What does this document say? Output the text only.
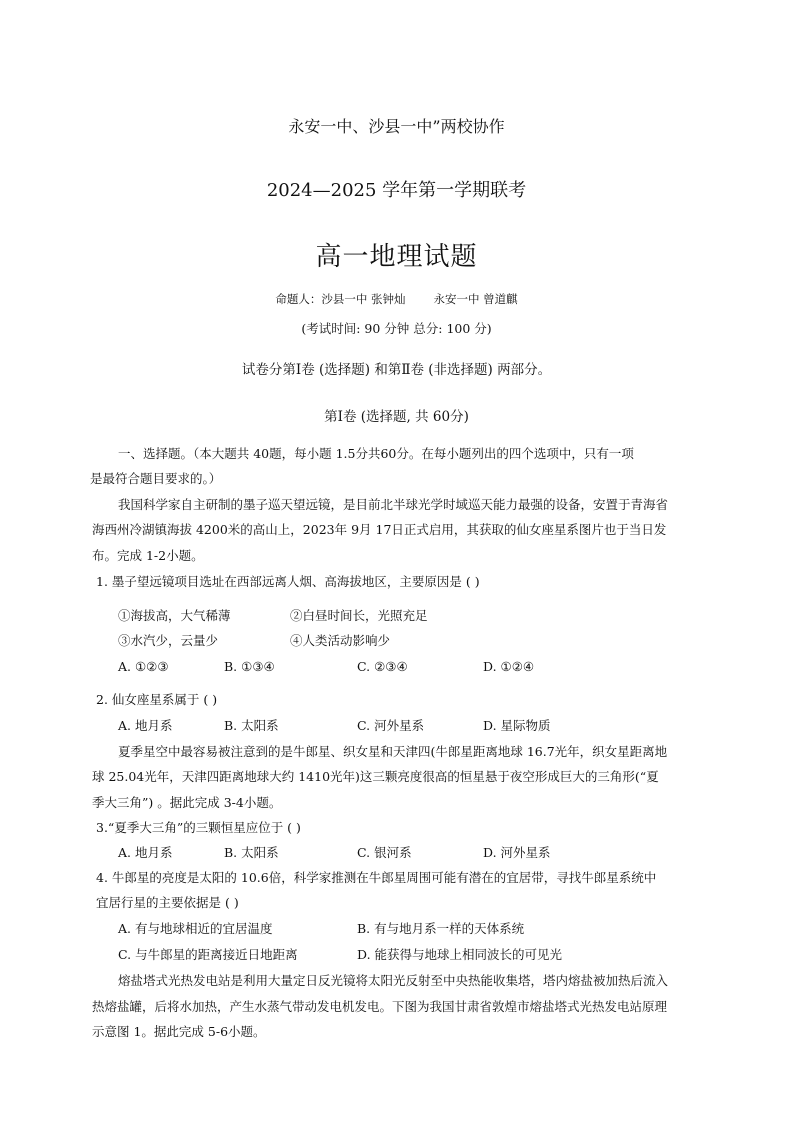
永安一中、沙县一中”两校协作
2024—2025 学年第一学期联考
高一地理试题
命题人：沙县一中 张钟灿 永安一中 曾道麒
(考试时间: 90 分钟 总分: 100 分)
试卷分第Ⅰ卷 (选择题) 和第Ⅱ卷 (非选择题) 两部分。
第Ⅰ卷 (选择题, 共 60分)
一、选择题。（本大题共 40题，每小题 1.5分共60分。在每小题列出的四个选项中，只有一项
是最符合题目要求的。）
我国科学家自主研制的墨子巡天望远镜，是目前北半球光学时域巡天能力最强的设备，安置于青海省
海西州冷湖镇海拔 4200米的高山上，2023年 9月 17日正式启用，其获取的仙女座星系图片也于当日发
布。完成 1-2小题。
1. 墨子望远镜项目选址在西部远离人烟、高海拔地区，主要原因是 ( )
①海拔高，大气稀薄	②白昼时间长，光照充足
③水汽少，云量少	④人类活动影响少
A. ①②③	B. ①③④	C. ②③④	D. ①②④
2. 仙女座星系属于 ( )
A. 地月系	B. 太阳系	C. 河外星系	D. 星际物质
夏季星空中最容易被注意到的是牛郎星、织女星和天津四(牛郎星距离地球 16.7光年，织女星距离地
球 25.04光年，天津四距离地球大约 1410光年)这三颗亮度很高的恒星悬于夜空形成巨大的三角形(“夏
季大三角”) 。据此完成 3-4小题。
3.“夏季大三角”的三颗恒星应位于 ( )
A. 地月系	B. 太阳系	C. 银河系	D. 河外星系
4. 牛郎星的亮度是太阳的 10.6倍，科学家推测在牛郎星周围可能有潜在的宜居带，寻找牛郎星系统中
宜居行星的主要依据是 ( )
A. 有与地球相近的宜居温度	B. 有与地月系一样的天体系统
C. 与牛郎星的距离接近日地距离	D. 能获得与地球上相同波长的可见光
熔盐塔式光热发电站是利用大量定日反光镜将太阳光反射至中央热能收集塔，塔内熔盐被加热后流入
热熔盐罐，后将水加热，产生水蒸气带动发电机发电。下图为我国甘肃省敦煌市熔盐塔式光热发电站原理
示意图 1。据此完成 5-6小题。
